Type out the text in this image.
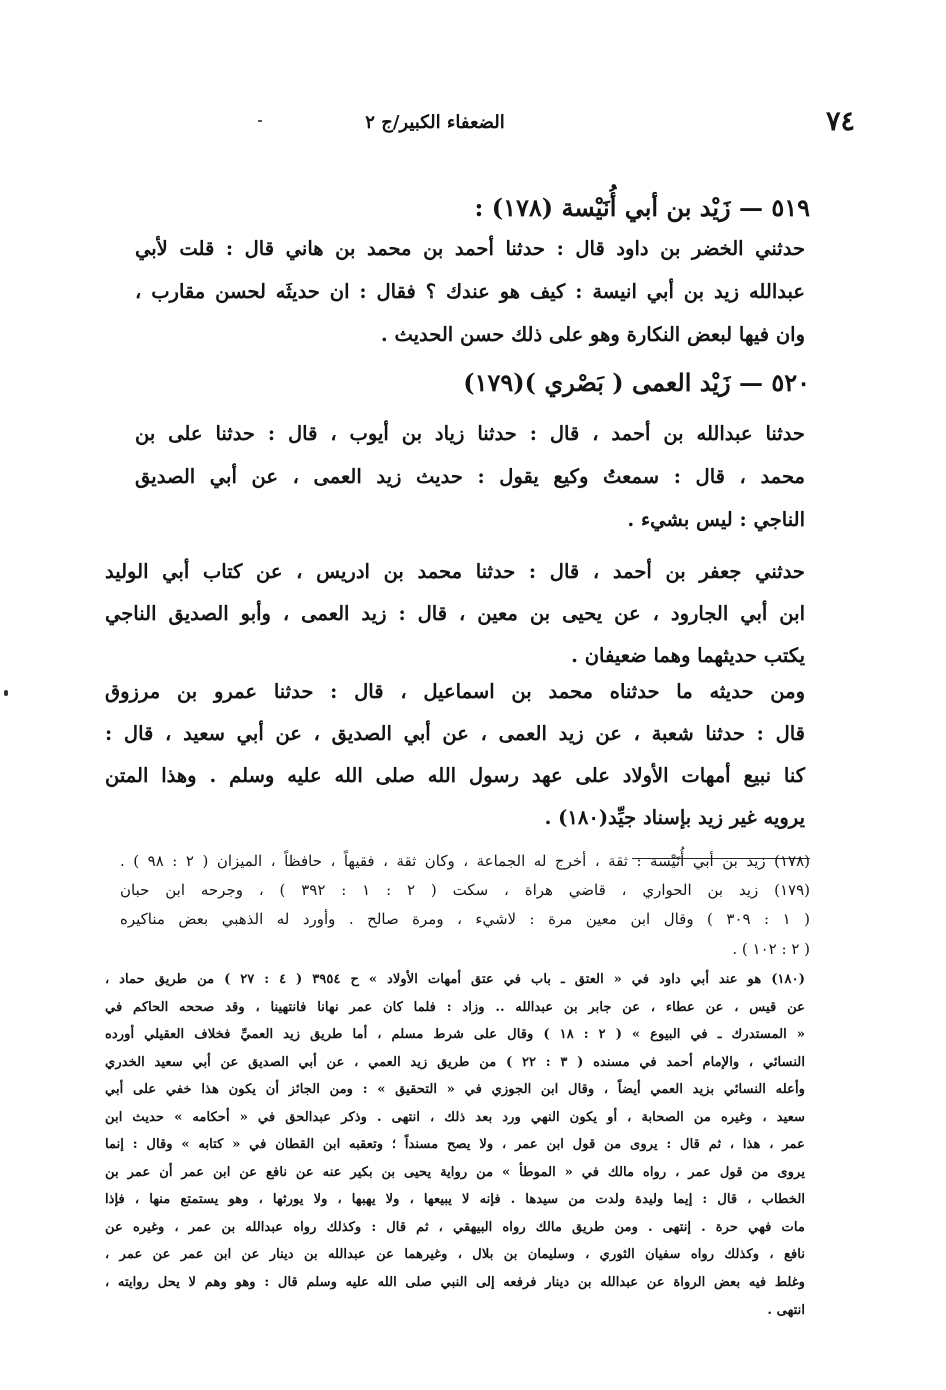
٧٤
الضعفاء الكبير/ج ٢
٥١٩ — زَيْد بن أبي أُنَيْسة (١٧٨) :
حدثني الخضر بن داود قال : حدثنا أحمد بن محمد بن هاني قال : قلت لأبي
عبدالله زيد بن أبي انيسة : كيف هو عندك ؟ فقال : ان حديثَه لحسن مقارب ،
وان فيها لبعض النكارة وهو على ذلك حسن الحديث .
٥٢٠ — زَيْد العمى ( بَصْري )(١٧٩)
حدثنا عبدالله بن أحمد ، قال : حدثنا زياد بن أيوب ، قال : حدثنا على بن
محمد ، قال : سمعتُ وكيع يقول : حديث زيد العمى ، عن أبي الصديق
الناجي : ليس بشيء .
حدثني جعفر بن أحمد ، قال : حدثنا محمد بن ادريس ، عن كتاب أبي الوليد
ابن أبي الجارود ، عن يحيى بن معين ، قال : زيد العمى ، وأبو الصديق الناجي
يكتب حديثهما وهما ضعيفان .
ومن حديثه ما حدثناه محمد بن اسماعيل ، قال : حدثنا عمرو بن مرزوق
قال : حدثنا شعبة ، عن زيد العمى ، عن أبي الصديق ، عن أبي سعيد ، قال :
كنا نبيع أمهات الأولاد على عهد رسول الله صلى الله عليه وسلم . وهذا المتن
يرويه غير زيد بإسناد جيِّد(١٨٠) .
(١٧٨) زيد بن أبي أُنَيْسة : ثقة ، أخرج له الجماعة ، وكان ثقة ، فقيهاً ، حافظاً ، الميزان ( ٢ : ٩٨ ) .
(١٧٩) زيد بن الحواري ، قاضي هراة ، سكت ( ٢ : ١ : ٣٩٢ ) ، وجرحه ابن حبان
( ١ : ٣٠٩ ) وقال ابن معين مرة : لاشيء ، ومرة صالح . وأورد له الذهبي بعض مناكيره
( ٢ : ١٠٢ ) .
(١٨٠) هو عند أبي داود في « العتق ـ باب في عتق أمهات الأولاد » ح ٣٩٥٤ ( ٤ : ٢٧ ) من طريق حماد ،
عن قيس ، عن عطاء ، عن جابر بن عبدالله .. وزاد : فلما كان عمر نهانا فانتهينا ، وقد صححه الحاكم في
« المستدرك ـ في البيوع » ( ٢ : ١٨ ) وقال على شرط مسلم ، أما طريق زيد العميِّ فخلاف العقيلي أورده
النسائي ، والإمام أحمد في مسنده ( ٣ : ٢٢ ) من طريق زيد العمي ، عن أبي الصديق عن أبي سعيد الخدري
وأعله النسائي بزيد العمي أيضاً ، وقال ابن الجوزي في « التحقيق » : ومن الجائز أن يكون هذا خفي على أبي
سعيد ، وغيره من الصحابة ، أو يكون النهي ورد بعد ذلك ، انتهى . وذكر عبدالحق في « أحكامه » حديث ابن
عمر ، هذا ، ثم قال : يروى من قول ابن عمر ، ولا يصح مسنداً ؛ وتعقبه ابن القطان في « كتابه » وقال : إنما
يروى من قول عمر ، رواه مالك في « الموطأ » من رواية يحيى بن بكير عنه عن نافع عن ابن عمر أن عمر بن
الخطاب ، قال : إيما وليدة ولدت من سيدها . فإنه لا يبيعها ، ولا يهبها ، ولا يورثها ، وهو يستمتع منها ، فإذا
مات فهي حرة . إنتهى . ومن طريق مالك رواه البيهقي ، ثم قال : وكذلك رواه عبدالله بن عمر ، وغيره عن
نافع ، وكذلك رواه سفيان الثوري ، وسليمان بن بلال ، وغيرهما عن عبدالله بن دينار عن ابن عمر عن عمر ،
وغلط فيه بعض الرواة عن عبدالله بن دينار فرفعه إلى النبي صلى الله عليه وسلم قال : وهو وهم لا يحل روايته ،
انتهى .
